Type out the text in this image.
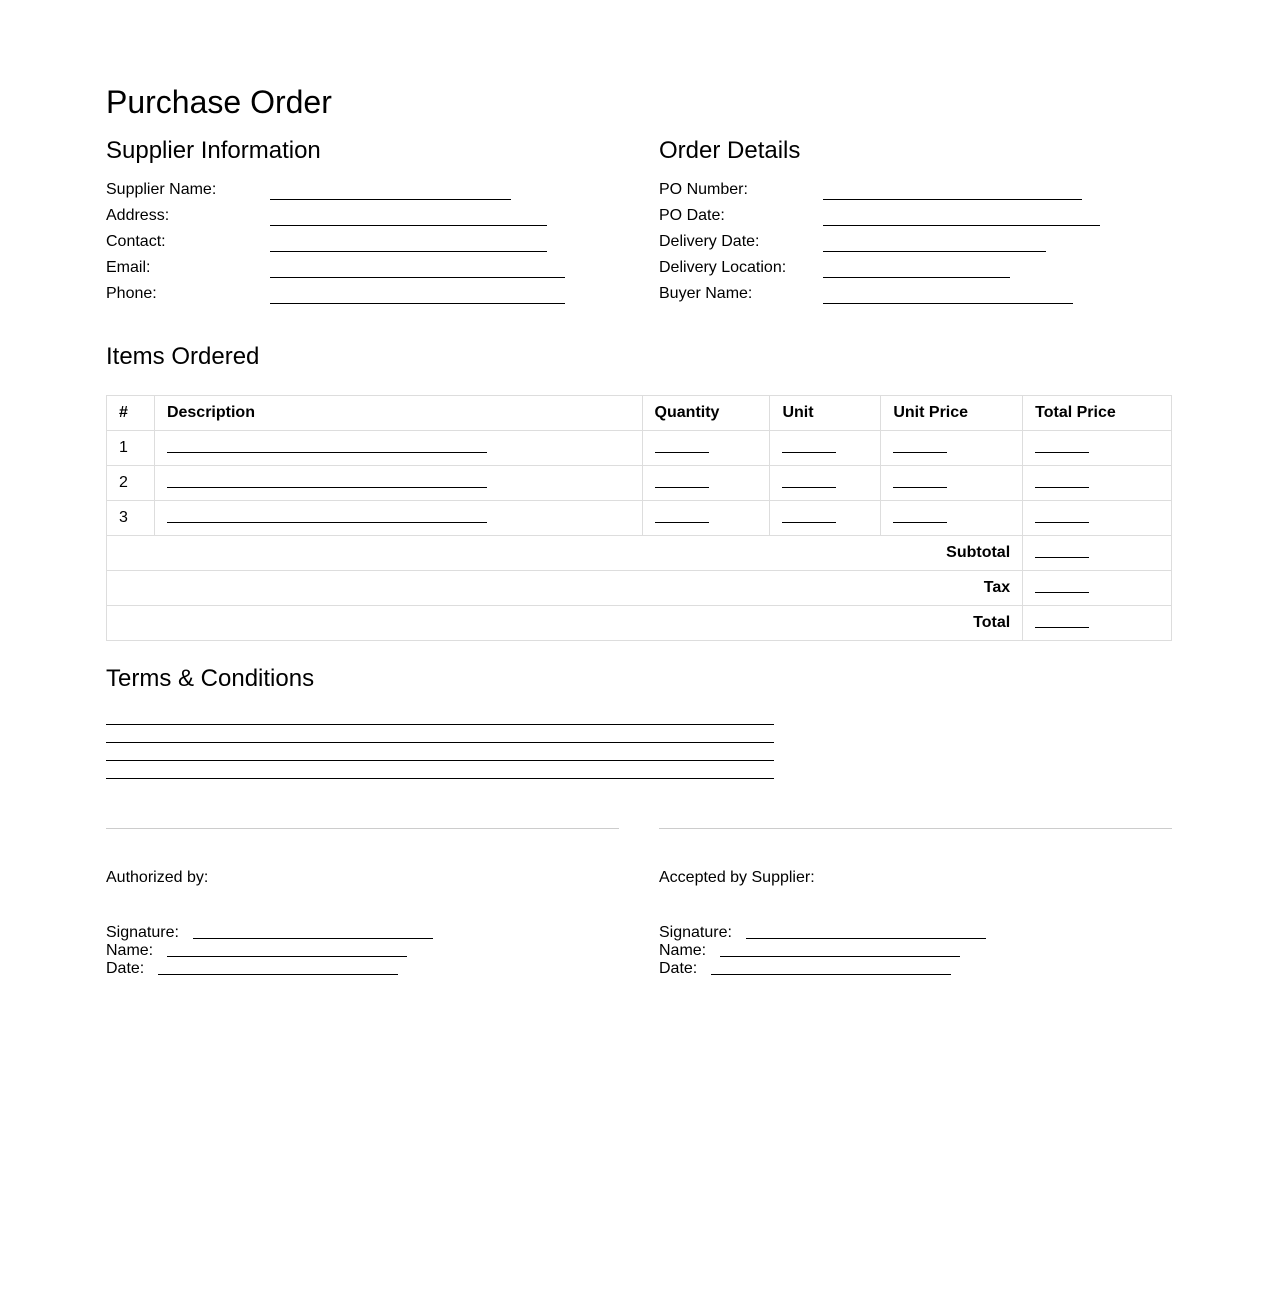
Purchase Order
Supplier Information
Supplier Name:
Address:
Contact:
Email:
Phone:
Order Details
PO Number:
PO Date:
Delivery Date:
Delivery Location:
Buyer Name:
Items Ordered
#	Description	Quantity	Unit	Unit Price	Total Price
1					
2					
3					
Subtotal					
Tax					
Total					
Terms & Conditions
Authorized by:
Signature:
Name:
Date:
Accepted by Supplier:
Signature:
Name:
Date:
